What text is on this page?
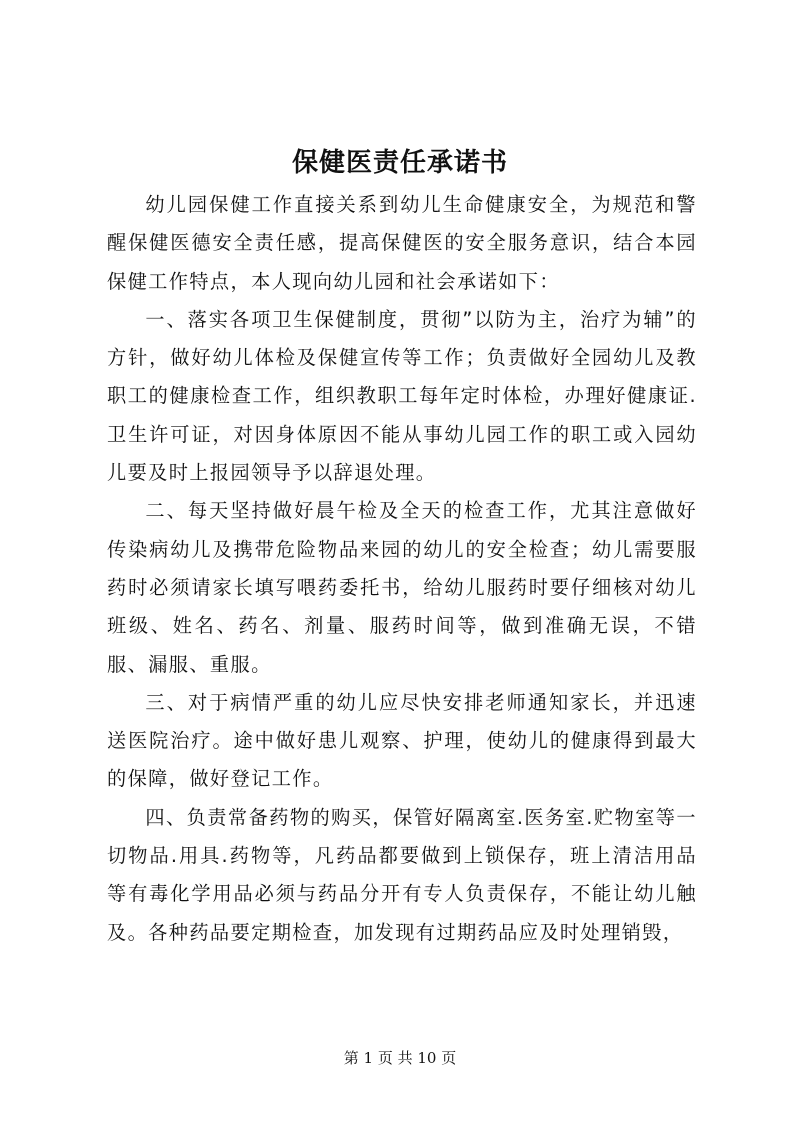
保健医责任承诺书

幼儿园保健工作直接关系到幼儿生命健康安全，为规范和警醒保健医德安全责任感，提高保健医的安全服务意识，结合本园保健工作特点，本人现向幼儿园和社会承诺如下：

一、落实各项卫生保健制度，贯彻”以防为主，治疗为辅”的方针，做好幼儿体检及保健宣传等工作；负责做好全园幼儿及教职工的健康检查工作，组织教职工每年定时体检，办理好健康证.卫生许可证，对因身体原因不能从事幼儿园工作的职工或入园幼儿要及时上报园领导予以辞退处理。

二、每天坚持做好晨午检及全天的检查工作，尤其注意做好传染病幼儿及携带危险物品来园的幼儿的安全检查；幼儿需要服药时必须请家长填写喂药委托书，给幼儿服药时要仔细核对幼儿班级、姓名、药名、剂量、服药时间等，做到准确无误，不错服、漏服、重服。

三、对于病情严重的幼儿应尽快安排老师通知家长，并迅速送医院治疗。途中做好患儿观察、护理，使幼儿的健康得到最大的保障，做好登记工作。

四、负责常备药物的购买，保管好隔离室.医务室.贮物室等一切物品.用具.药物等，凡药品都要做到上锁保存，班上清洁用品等有毒化学用品必须与药品分开有专人负责保存，不能让幼儿触及。各种药品要定期检查，加发现有过期药品应及时处理销毁，

第 1 页 共 10 页
